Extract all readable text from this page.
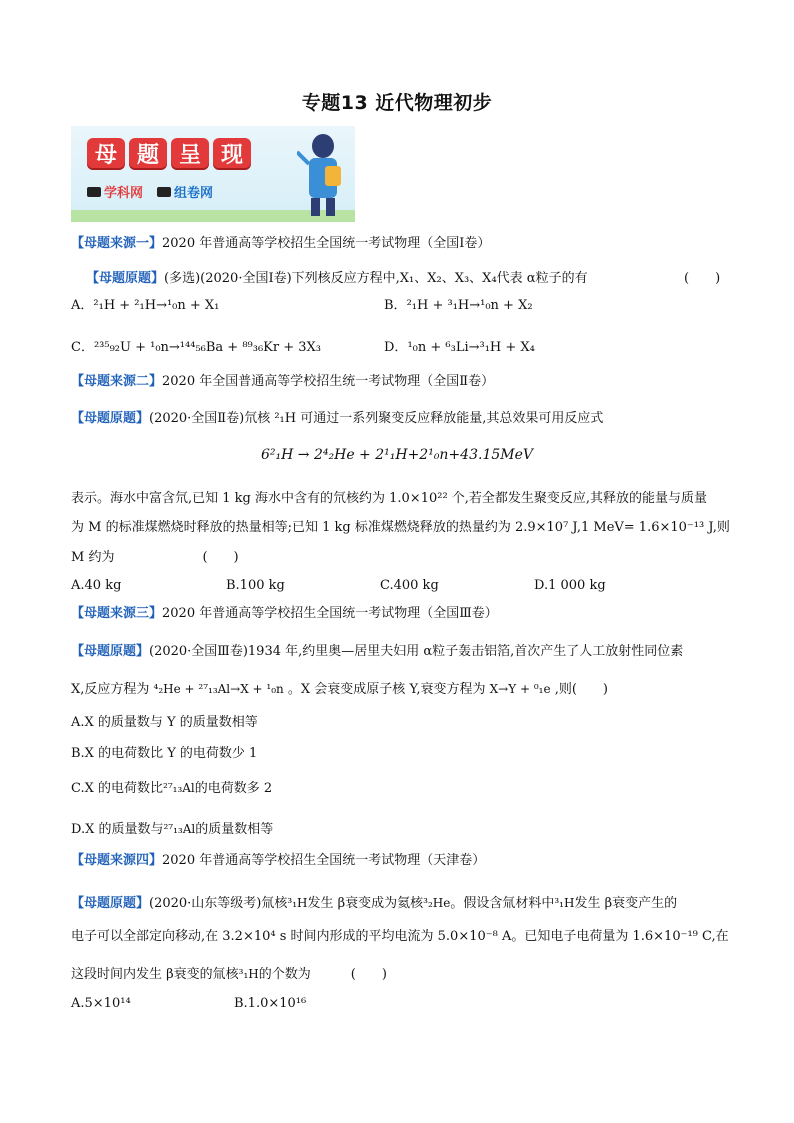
专题13 近代物理初步
母 题 呈 现
学科网 组卷网
【母题来源一】2020 年普通高等学校招生全国统一考试物理（全国Ⅰ卷）
【母题原题】(多选)(2020·全国Ⅰ卷)下列核反应方程中,X₁、X₂、X₃、X₄代表 α粒子的有	(　　)
A．²₁H + ²₁H→¹₀n + X₁	B．²₁H + ³₁H→¹₀n + X₂
C．²³⁵₉₂U + ¹₀n→¹⁴⁴₅₆Ba + ⁸⁹₃₆Kr + 3X₃	D．¹₀n + ⁶₃Li→³₁H + X₄
【母题来源二】2020 年全国普通高等学校招生统一考试物理（全国Ⅱ卷）
【母题原题】(2020·全国Ⅱ卷)氘核 ²₁H 可通过一系列聚变反应释放能量,其总效果可用反应式
6²₁H → 2⁴₂He + 2¹₁H+2¹₀n+43.15MeV
表示。海水中富含氘,已知 1 kg 海水中含有的氘核约为 1.0×10²² 个,若全都发生聚变反应,其释放的能量与质量
为 M 的标准煤燃烧时释放的热量相等;已知 1 kg 标准煤燃烧释放的热量约为 2.9×10⁷ J,1 MeV= 1.6×10⁻¹³ J,则
M 约为	(　　)
A.40 kg	B.100 kg	C.400 kg	D.1 000 kg
【母题来源三】2020 年普通高等学校招生全国统一考试物理（全国Ⅲ卷）
【母题原题】(2020·全国Ⅲ卷)1934 年,约里奥—居里夫妇用 α粒子轰击铝箔,首次产生了人工放射性同位素
X,反应方程为 ⁴₂He + ²⁷₁₃Al→X + ¹₀n 。X 会衰变成原子核 Y,衰变方程为 X→Y + ⁰₁e ,则(　　)
A.X 的质量数与 Y 的质量数相等
B.X 的电荷数比 Y 的电荷数少 1
C.X 的电荷数比²⁷₁₃Al的电荷数多 2
D.X 的质量数与²⁷₁₃Al的质量数相等
【母题来源四】2020 年普通高等学校招生全国统一考试物理（天津卷）
【母题原题】(2020·山东等级考)氚核³₁H发生 β衰变成为氦核³₂He。假设含氚材料中³₁H发生 β衰变产生的
电子可以全部定向移动,在 3.2×10⁴ s 时间内形成的平均电流为 5.0×10⁻⁸ A。已知电子电荷量为 1.6×10⁻¹⁹ C,在
这段时间内发生 β衰变的氚核³₁H的个数为	(　　)
A.5×10¹⁴	B.1.0×10¹⁶
